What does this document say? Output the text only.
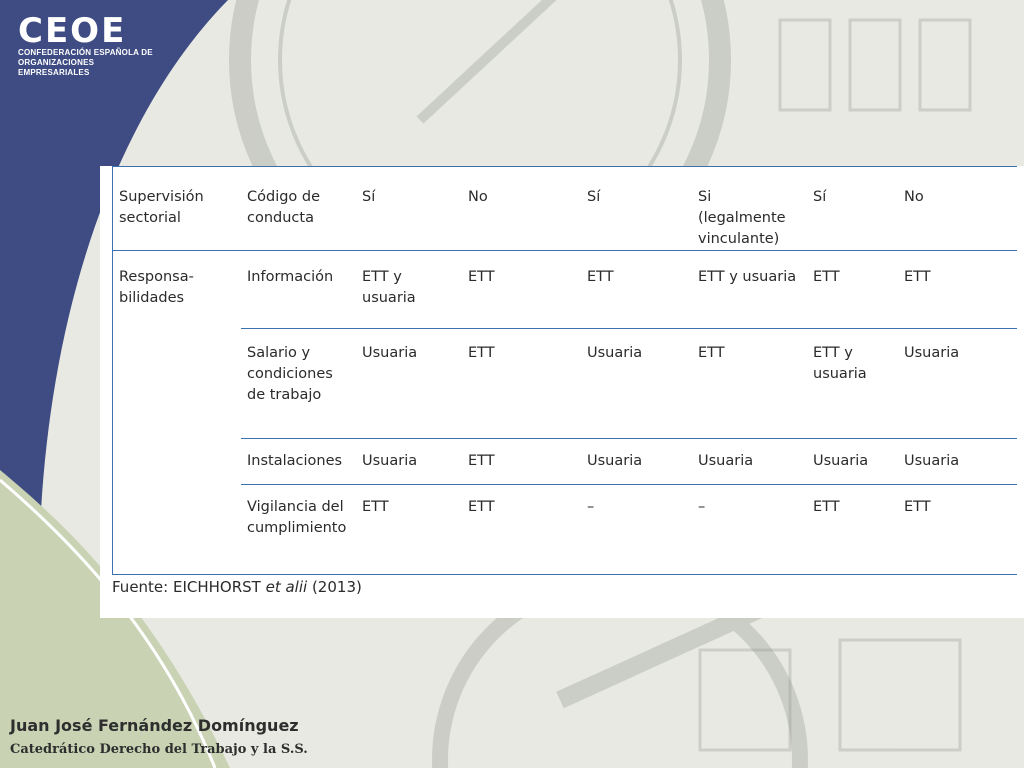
CEOE
CONFEDERACIÓN ESPAÑOLA DE
ORGANIZACIONES EMPRESARIALES
Supervisión sectorial	Código de conducta	Sí	No	Sí	Si (legalmente vinculante)	Sí	No
Responsa-bilidades	Información	ETT y usuaria	ETT	ETT	ETT y usuaria	ETT	ETT
	Salario y condiciones de trabajo	Usuaria	ETT	Usuaria	ETT	ETT y usuaria	Usuaria
	Instalaciones	Usuaria	ETT	Usuaria	Usuaria	Usuaria	Usuaria
	Vigilancia del cumplimiento	ETT	ETT	–	–	ETT	ETT
Fuente: EICHHORST et alii (2013)
Juan José Fernández Domínguez
Catedrático Derecho del Trabajo y la S.S.
